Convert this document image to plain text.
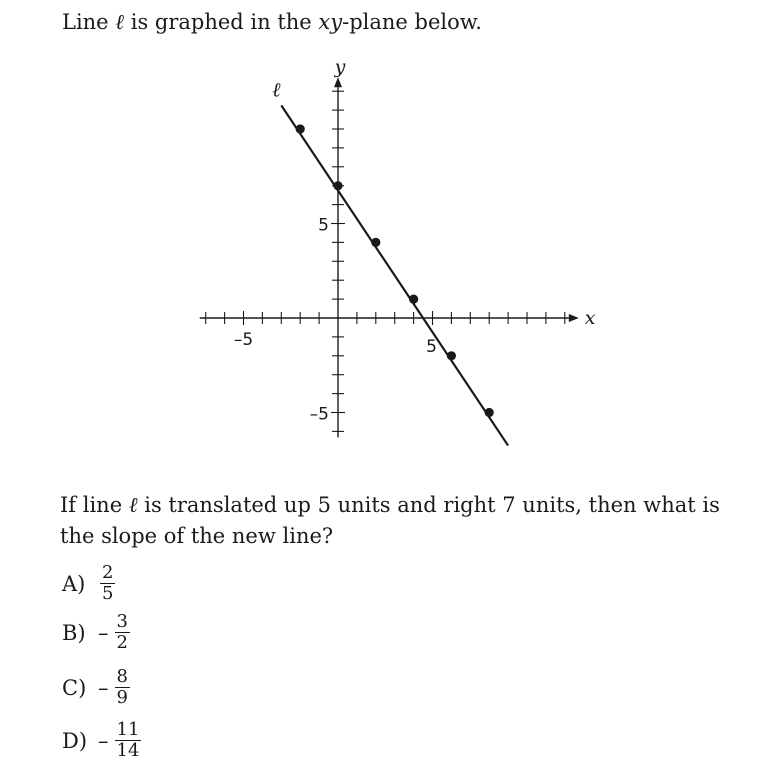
Line ℓ is graphed in the xy-plane below.
–5	5
5
–5
x
y
ℓ
If line ℓ is translated up 5 units and right 7 units, then what is the slope of the new line?
$A) \frac{2}{5}$
$B) - \frac{3}{2}$
$C) - \frac{8}{9}$
$D) - \frac{11}{14}$
